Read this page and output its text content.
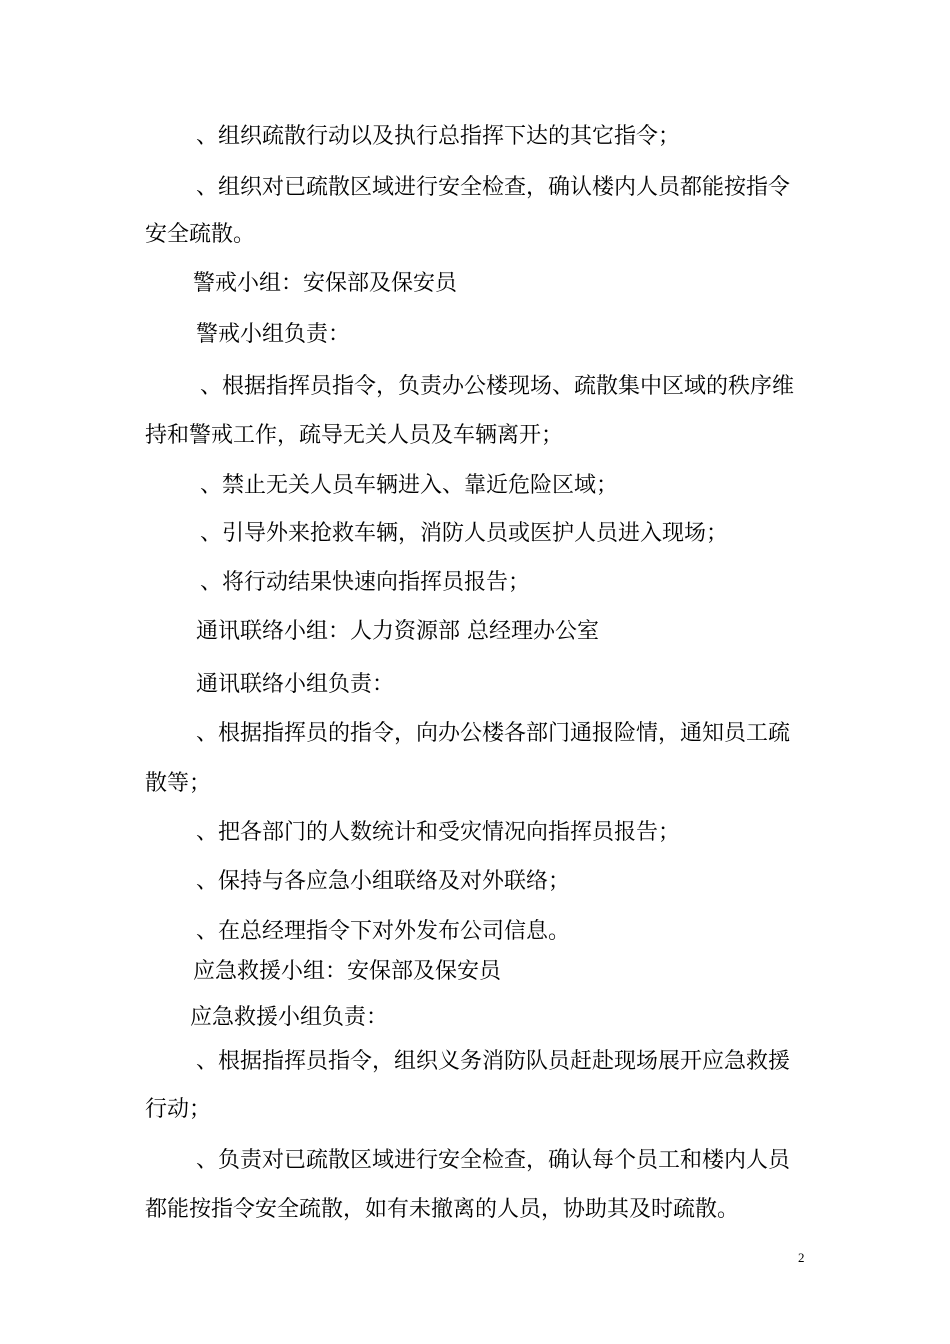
、组织疏散行动以及执行总指挥下达的其它指令；
、组织对已疏散区域进行安全检查，确认楼内人员都能按指令
安全疏散。
警戒小组：安保部及保安员
警戒小组负责：
、根据指挥员指令，负责办公楼现场、疏散集中区域的秩序维
持和警戒工作，疏导无关人员及车辆离开；
、禁止无关人员车辆进入、靠近危险区域；
、引导外来抢救车辆，消防人员或医护人员进入现场；
、将行动结果快速向指挥员报告；
通讯联络小组：人力资源部 总经理办公室
通讯联络小组负责：
、根据指挥员的指令，向办公楼各部门通报险情，通知员工疏
散等；
、把各部门的人数统计和受灾情况向指挥员报告；
、保持与各应急小组联络及对外联络；
、在总经理指令下对外发布公司信息。
应急救援小组：安保部及保安员
应急救援小组负责：
、根据指挥员指令，组织义务消防队员赶赴现场展开应急救援
行动；
、负责对已疏散区域进行安全检查，确认每个员工和楼内人员
都能按指令安全疏散，如有未撤离的人员，协助其及时疏散。
2
